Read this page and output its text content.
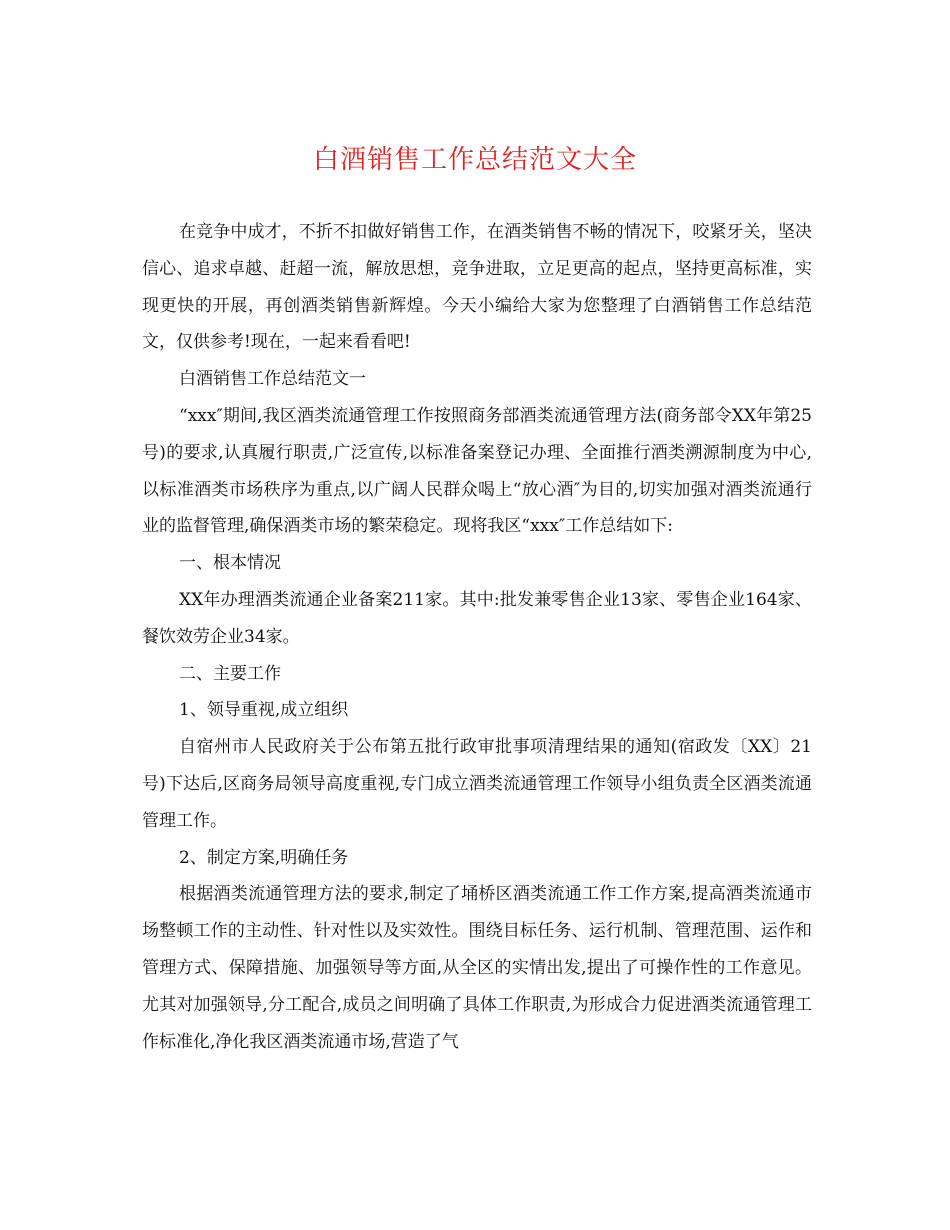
白酒销售工作总结范文大全

在竞争中成才，不折不扣做好销售工作，在酒类销售不畅的情况下，咬紧牙关，坚决信心、追求卓越、赶超一流，解放思想，竞争进取，立足更高的起点，坚持更高标准，实现更快的开展，再创酒类销售新辉煌。今天小编给大家为您整理了白酒销售工作总结范文，仅供参考!现在，一起来看看吧!

白酒销售工作总结范文一

“xxx″期间,我区酒类流通管理工作按照商务部酒类流通管理方法(商务部令XX年第25号)的要求,认真履行职责,广泛宣传,以标准备案登记办理、全面推行酒类溯源制度为中心,以标准酒类市场秩序为重点,以广阔人民群众喝上“放心酒″为目的,切实加强对酒类流通行业的监督管理,确保酒类市场的繁荣稳定。现将我区“xxx″工作总结如下:

一、根本情况

XX年办理酒类流通企业备案211家。其中:批发兼零售企业13家、零售企业164家、餐饮效劳企业34家。

二、主要工作

1、领导重视,成立组织

自宿州市人民政府关于公布第五批行政审批事项清理结果的通知(宿政发〔XX〕21号)下达后,区商务局领导高度重视,专门成立酒类流通管理工作领导小组负责全区酒类流通管理工作。

2、制定方案,明确任务

根据酒类流通管理方法的要求,制定了埇桥区酒类流通工作工作方案,提高酒类流通市场整顿工作的主动性、针对性以及实效性。围绕目标任务、运行机制、管理范围、运作和管理方式、保障措施、加强领导等方面,从全区的实情出发,提出了可操作性的工作意见。尤其对加强领导,分工配合,成员之间明确了具体工作职责,为形成合力促进酒类流通管理工作标准化,净化我区酒类流通市场,营造了气
